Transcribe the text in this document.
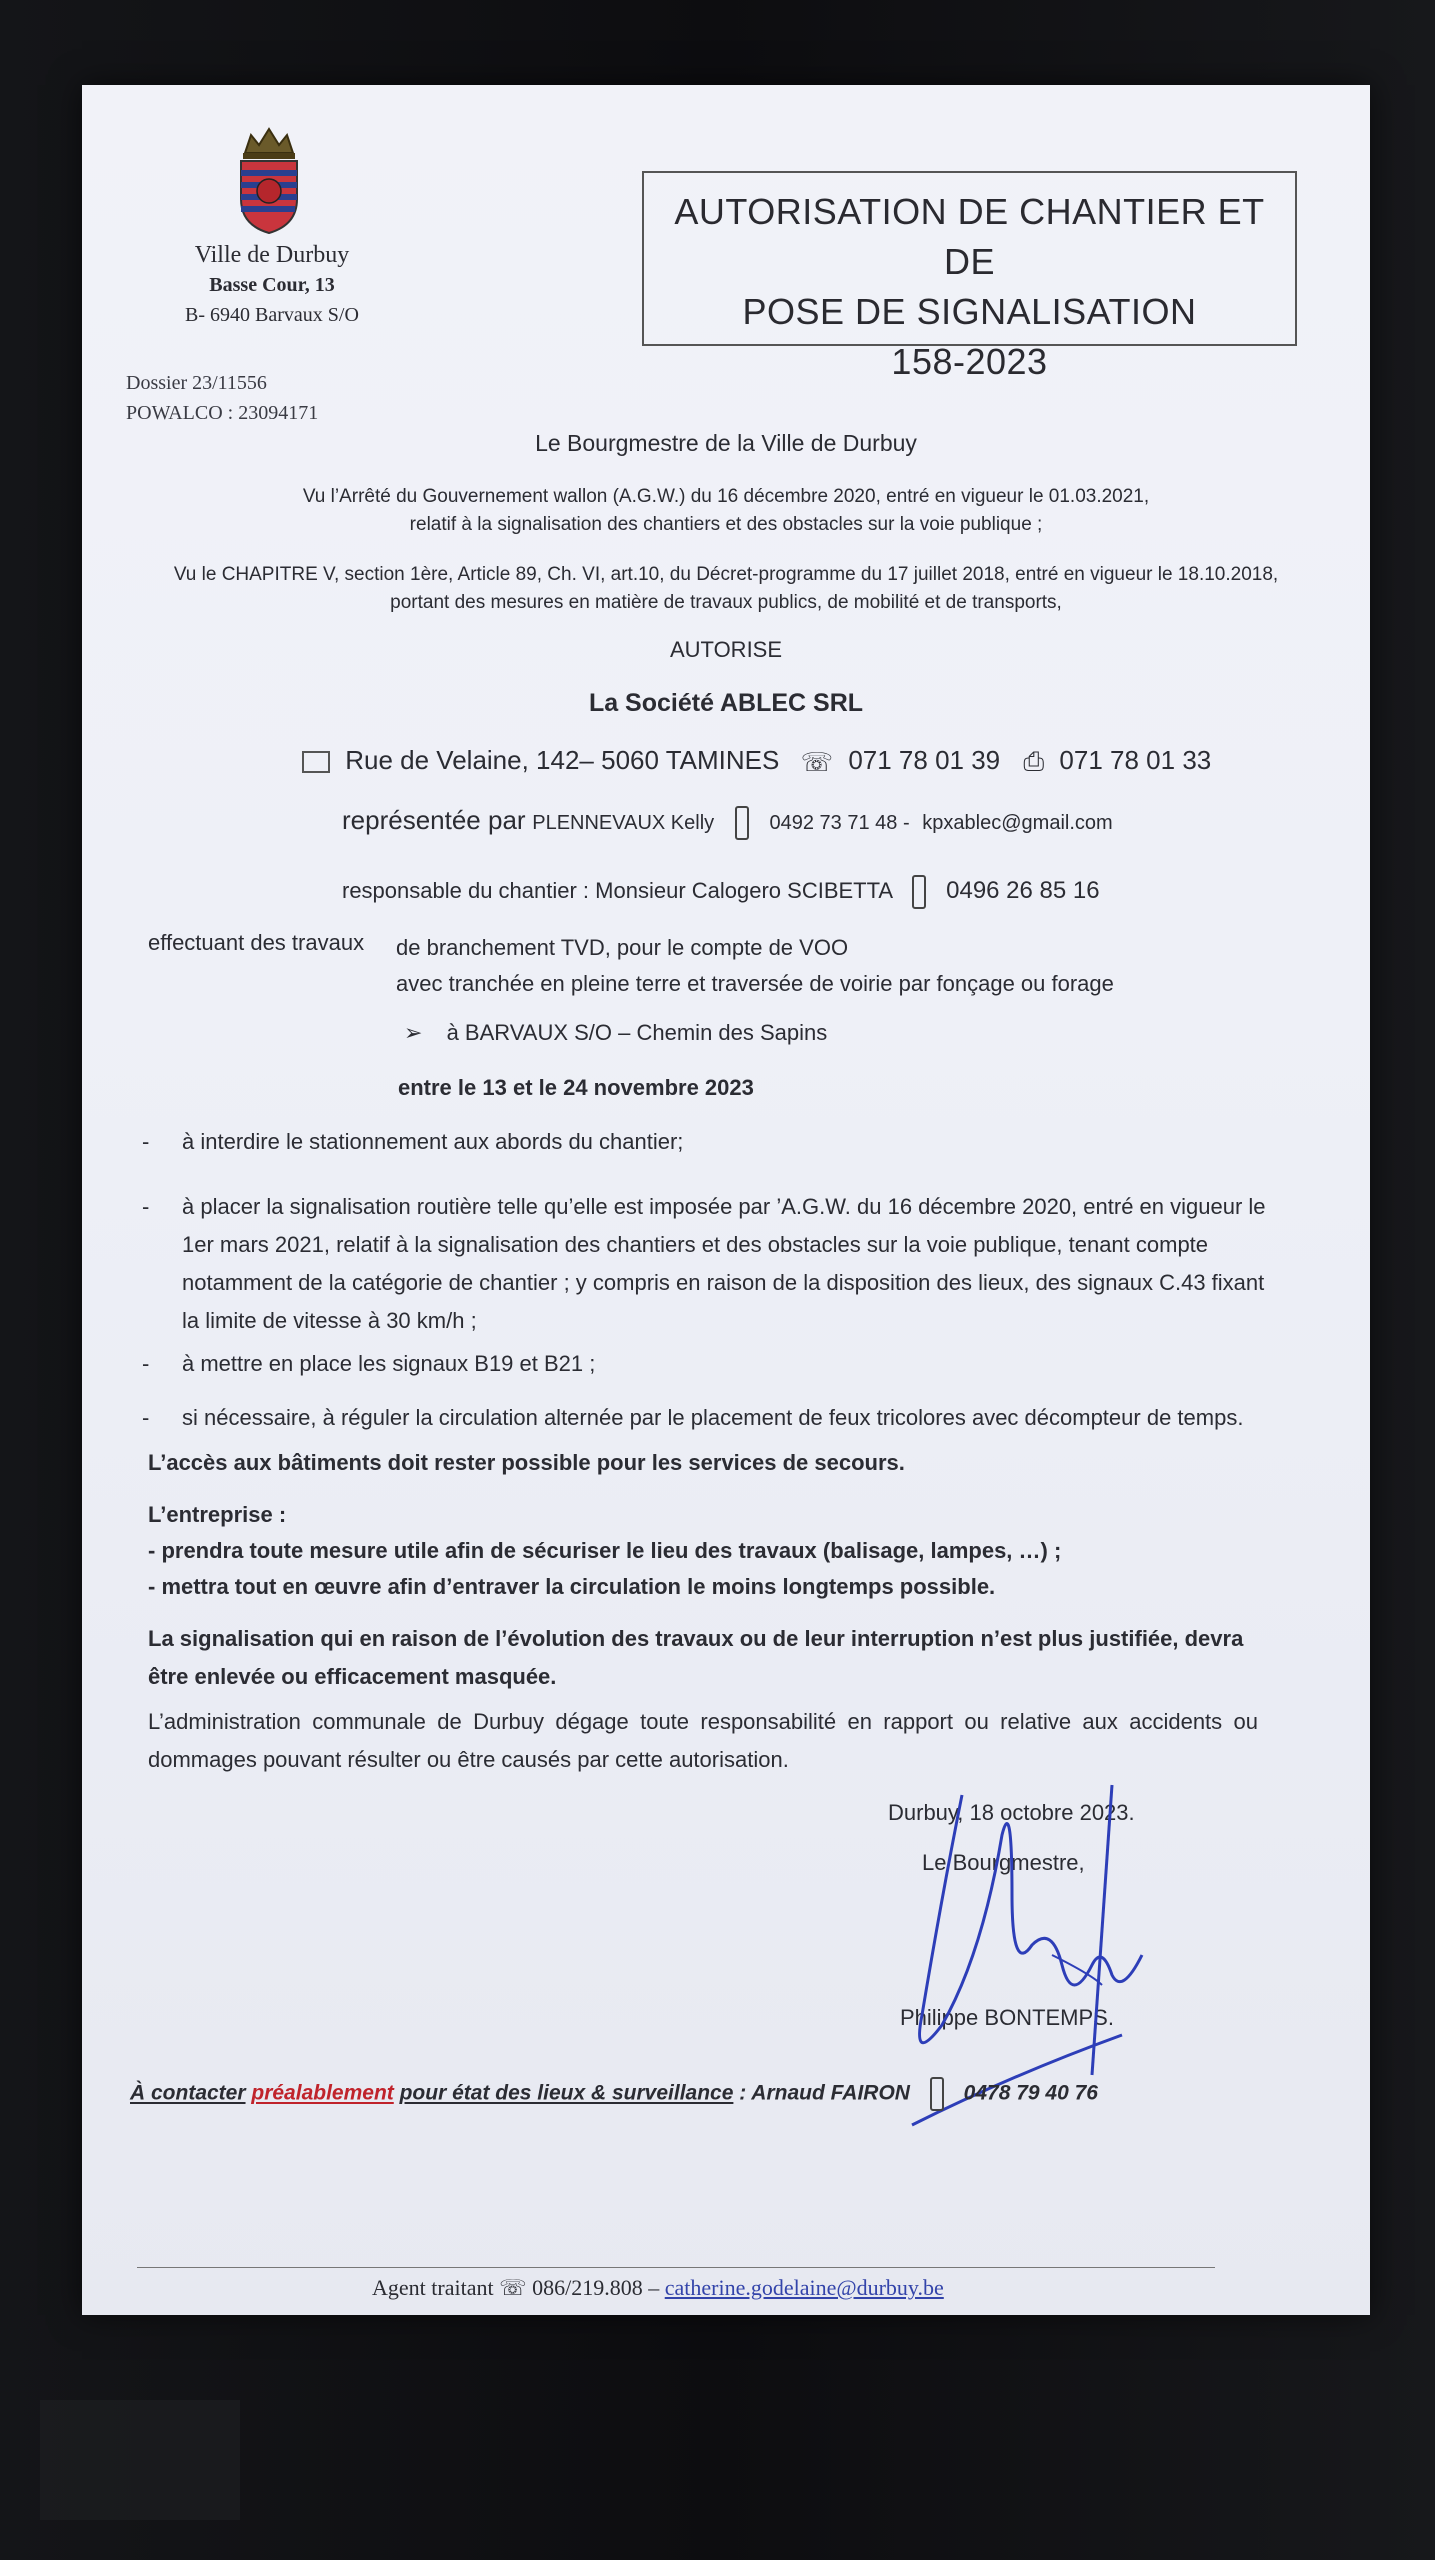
Ville de Durbuy
Basse Cour, 13
B- 6940 Barvaux S/O
Dossier 23/11556
POWALCO : 23094171
AUTORISATION DE CHANTIER ET DE
POSE DE SIGNALISATION
158-2023
Le Bourgmestre de la Ville de Durbuy
Vu l’Arrêté du Gouvernement wallon (A.G.W.) du 16 décembre 2020, entré en vigueur le 01.03.2021,
relatif à la signalisation des chantiers et des obstacles sur la voie publique ;
Vu le CHAPITRE V, section 1ère, Article 89, Ch. VI, art.10, du Décret-programme du 17 juillet 2018, entré en vigueur le 18.10.2018,
portant des mesures en matière de travaux publics, de mobilité et de transports,
AUTORISE
La Société ABLEC SRL
Rue de Velaine, 142– 5060 TAMINES ☏ 071 78 01 39 ⎙ 071 78 01 33
représentée par PLENNEVAUX Kelly	0492 73 71 48 - kpxablec@gmail.com
responsable du chantier : Monsieur Calogero SCIBETTA 0496 26 85 16
effectuant des travaux de branchement TVD, pour le compte de VOO
avec tranchée en pleine terre et traversée de voirie par fonçage ou forage
➢ à BARVAUX S/O – Chemin des Sapins
entre le 13 et le 24 novembre 2023
- à interdire le stationnement aux abords du chantier;
- à placer la signalisation routière telle qu’elle est imposée par ’A.G.W. du 16 décembre 2020, entré en vigueur le 1er mars 2021, relatif à la signalisation des chantiers et des obstacles sur la voie publique, tenant compte notamment de la catégorie de chantier ; y compris en raison de la disposition des lieux, des signaux C.43 fixant la limite de vitesse à 30 km/h ;
- à mettre en place les signaux B19 et B21 ;
- si nécessaire, à réguler la circulation alternée par le placement de feux tricolores avec décompteur de temps.
L’accès aux bâtiments doit rester possible pour les services de secours.
L’entreprise :
- prendra toute mesure utile afin de sécuriser le lieu des travaux (balisage, lampes, …) ;
- mettra tout en œuvre afin d’entraver la circulation le moins longtemps possible.
La signalisation qui en raison de l’évolution des travaux ou de leur interruption n’est plus justifiée, devra être enlevée ou efficacement masquée.
L’administration communale de Durbuy dégage toute responsabilité en rapport ou relative aux accidents ou dommages pouvant résulter ou être causés par cette autorisation.
Durbuy, 18 octobre 2023.
Le Bourgmestre,
Philippe BONTEMPS.
À contacter préalablement pour état des lieux & surveillance : Arnaud FAIRON	0478 79 40 76
Agent traitant ☏ 086/219.808 – catherine.godelaine@durbuy.be
